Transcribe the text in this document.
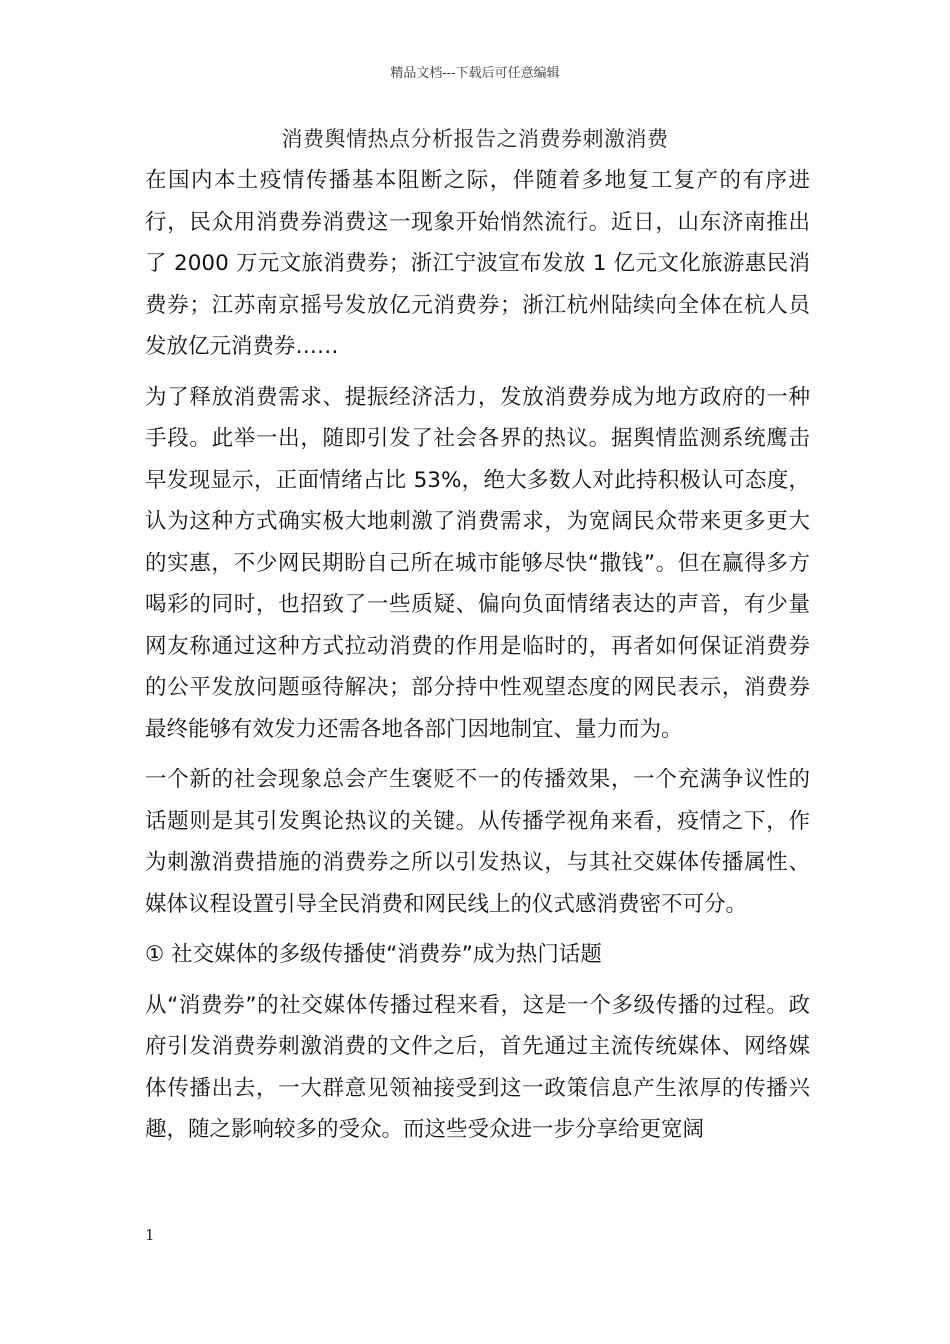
精品文档---下载后可任意编辑
消费舆情热点分析报告之消费券刺激消费

在国内本土疫情传播基本阻断之际，伴随着多地复工复产的有序进行，民众用消费券消费这一现象开始悄然流行。近日，山东济南推出了 2000 万元文旅消费券；浙江宁波宣布发放 1 亿元文化旅游惠民消费券；江苏南京摇号发放亿元消费券；浙江杭州陆续向全体在杭人员发放亿元消费券……

为了释放消费需求、提振经济活力，发放消费券成为地方政府的一种手段。此举一出，随即引发了社会各界的热议。据舆情监测系统鹰击早发现显示，正面情绪占比 53%，绝大多数人对此持积极认可态度，认为这种方式确实极大地刺激了消费需求，为宽阔民众带来更多更大的实惠，不少网民期盼自己所在城市能够尽快“撒钱”。但在赢得多方喝彩的同时，也招致了一些质疑、偏向负面情绪表达的声音，有少量网友称通过这种方式拉动消费的作用是临时的，再者如何保证消费券的公平发放问题亟待解决；部分持中性观望态度的网民表示，消费券最终能够有效发力还需各地各部门因地制宜、量力而为。

一个新的社会现象总会产生褒贬不一的传播效果，一个充满争议性的话题则是其引发舆论热议的关键。从传播学视角来看，疫情之下，作为刺激消费措施的消费券之所以引发热议，与其社交媒体传播属性、媒体议程设置引导全民消费和网民线上的仪式感消费密不可分。

① 社交媒体的多级传播使“消费券”成为热门话题

从“消费券”的社交媒体传播过程来看，这是一个多级传播的过程。政府引发消费券刺激消费的文件之后，首先通过主流传统媒体、网络媒体传播出去，一大群意见领袖接受到这一政策信息产生浓厚的传播兴趣，随之影响较多的受众。而这些受众进一步分享给更宽阔

1
